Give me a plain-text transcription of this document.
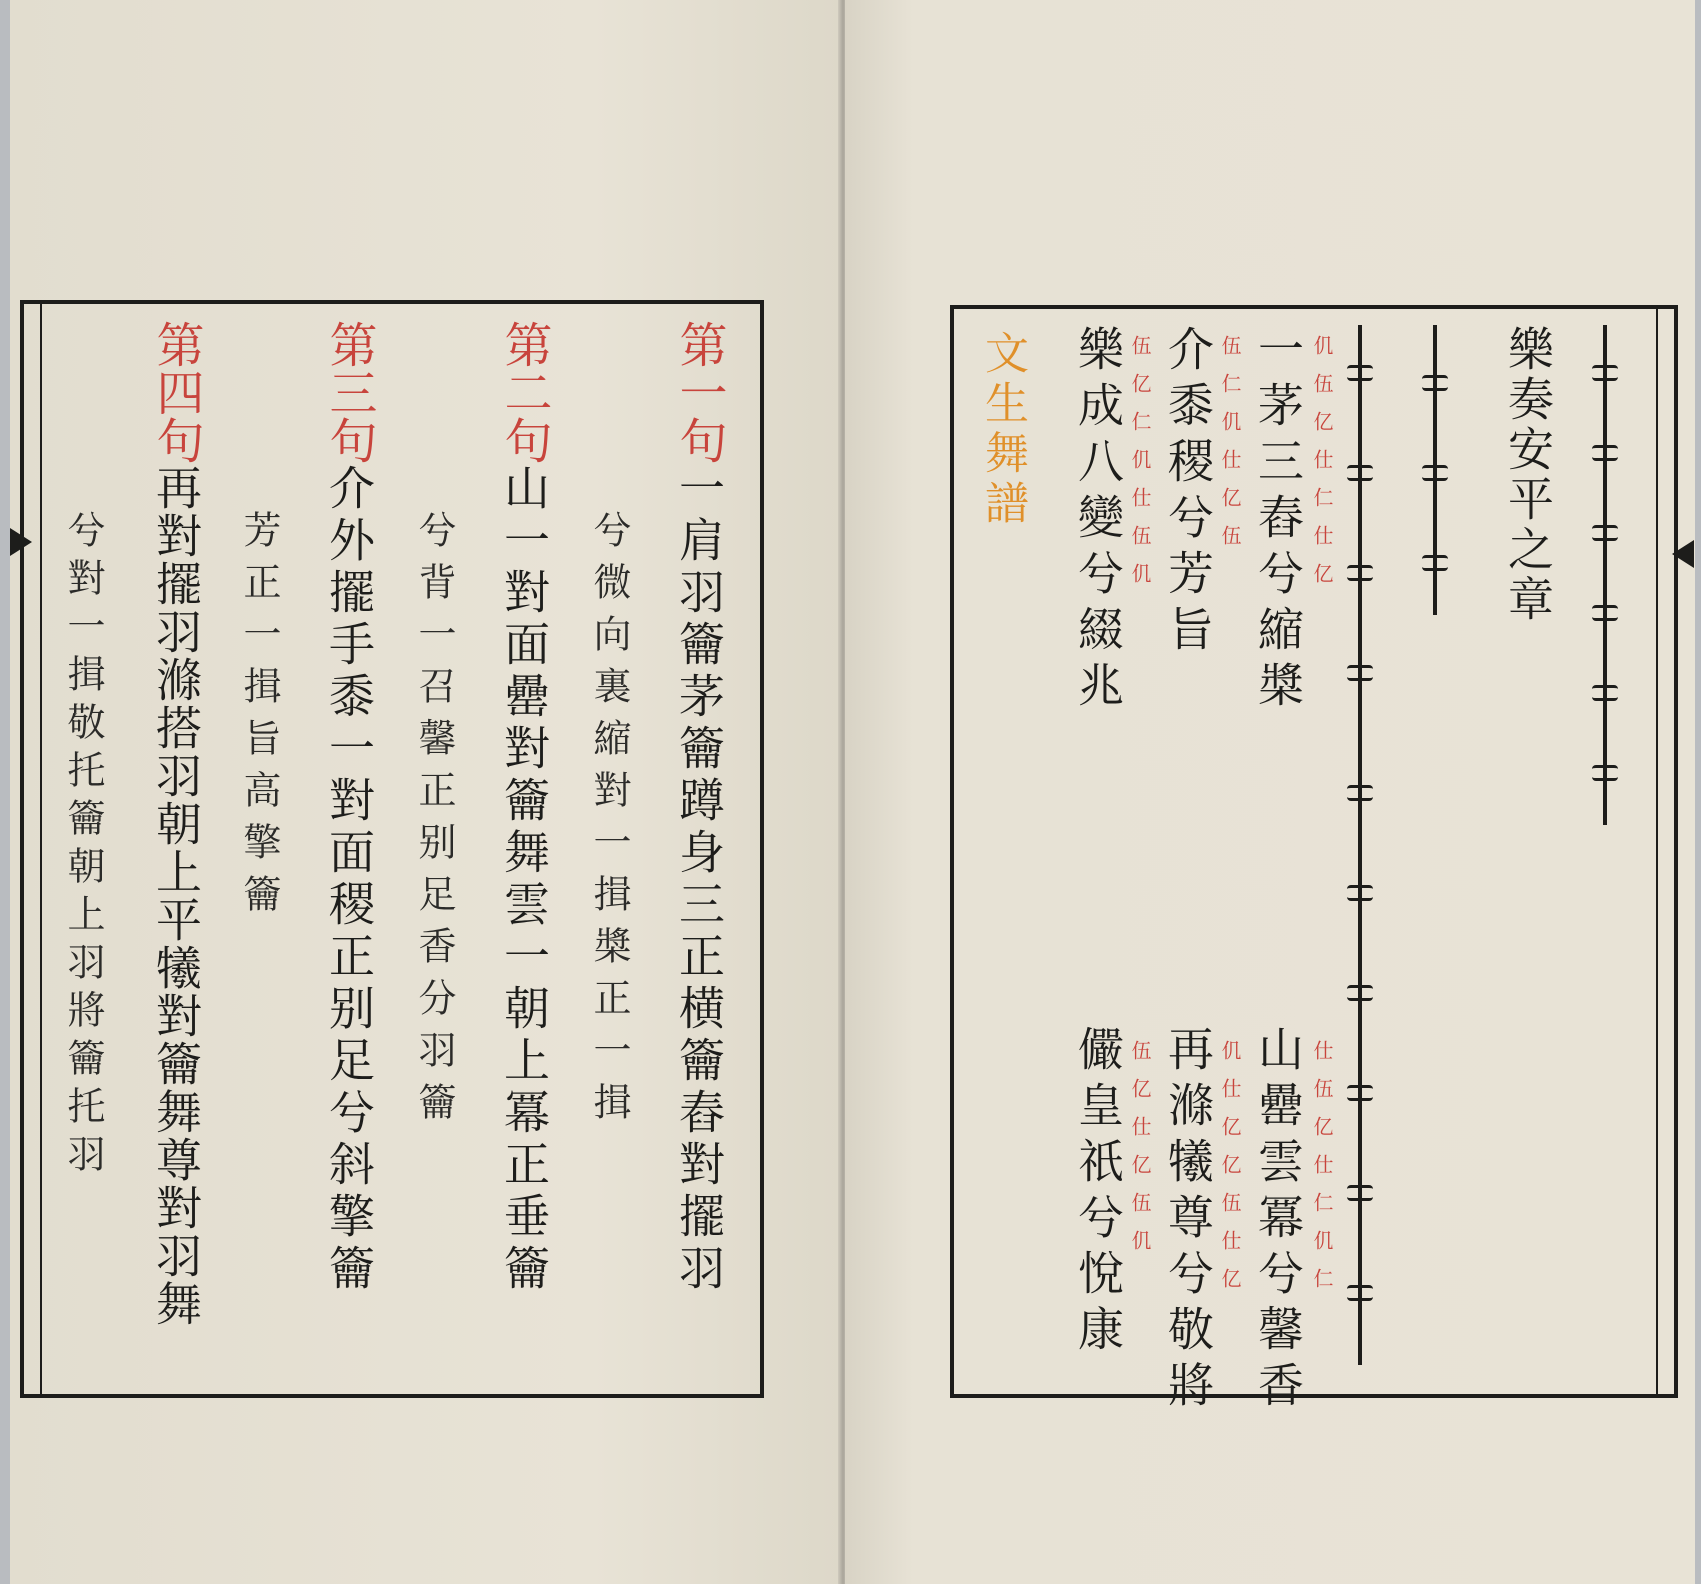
第一句一肩羽籥茅籥蹲身三正横籥舂對擺羽
兮微向裏縮對一揖槳正一揖
第二句山一對面罍對籥舞雲一朝上冪正垂籥
兮背一召馨正别足香分羽籥
第三句介外擺手黍一對面稷正别足兮斜擎籥
芳正一揖旨高擎籥
第四句再對擺羽滌搭羽朝上平犧對籥舞尊對羽舞
兮對一揖敬托籥朝上羽將籥托羽
樂奏安平之章
仉伍亿仕仁仕亿
一茅三舂兮縮槳
伍仁仉仕亿伍
介黍稷兮芳旨
伍亿仁仉仕伍仉
樂成八變兮綴兆
文生舞譜
仕伍亿仕仁仉仁
山罍雲冪兮馨香
仉仕亿亿伍仕亿
再滌犧尊兮敬將
伍亿仕亿伍仉
儼皇祇兮悅康
